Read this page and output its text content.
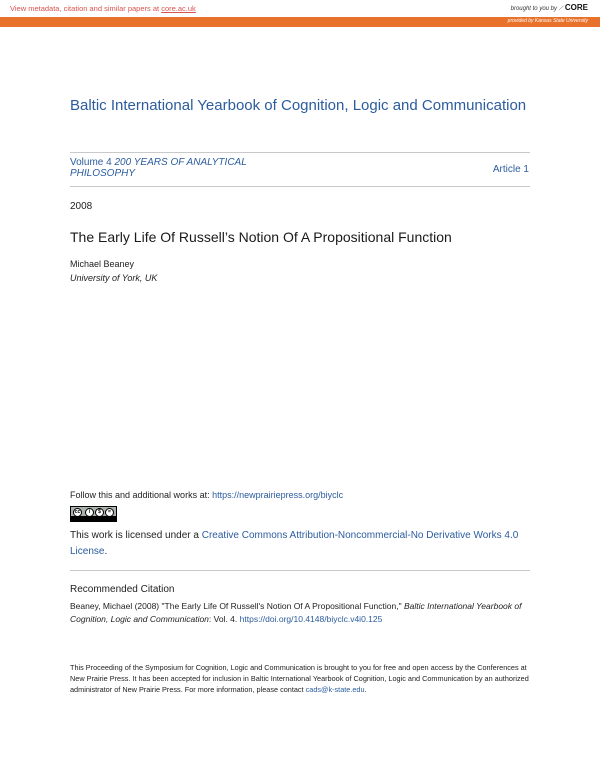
View metadata, citation and similar papers at core.ac.uk	brought to you by ⟋ CORE
provided by Kansas State University
Baltic International Yearbook of Cognition, Logic and Communication
Volume 4 200 YEARS OF ANALYTICAL PHILOSOPHY	Article 1
2008
The Early Life Of Russell’s Notion Of A Propositional Function
Michael Beaney
University of York, UK
Follow this and additional works at: https://newprairiepress.org/biyclc
cc	i	$	=
This work is licensed under a Creative Commons Attribution-Noncommercial-No Derivative Works 4.0 License.
Recommended Citation
Beaney, Michael (2008) "The Early Life Of Russell's Notion Of A Propositional Function," Baltic International Yearbook of Cognition, Logic and Communication: Vol. 4. https://doi.org/10.4148/biyclc.v4i0.125
This Proceeding of the Symposium for Cognition, Logic and Communication is brought to you for free and open access by the Conferences at New Prairie Press. It has been accepted for inclusion in Baltic International Yearbook of Cognition, Logic and Communication by an authorized administrator of New Prairie Press. For more information, please contact cads@k-state.edu.
